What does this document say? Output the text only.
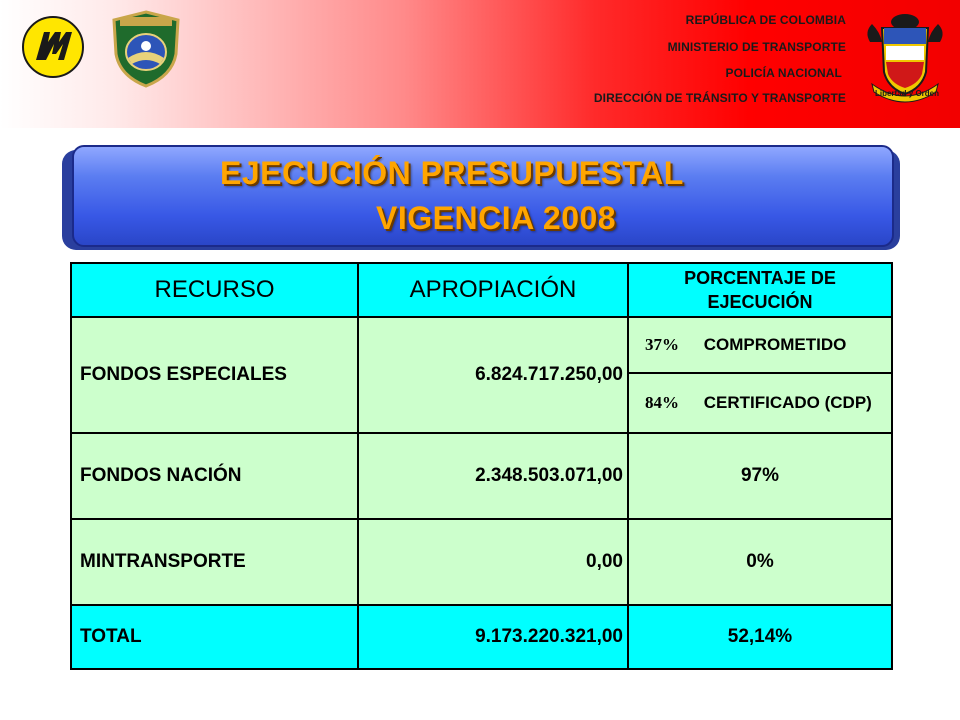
REPÚBLICA DE COLOMBIA
MINISTERIO DE TRANSPORTE
POLICÍA NACIONAL
DIRECCIÓN DE TRÁNSITO Y TRANSPORTE	Libertad y Orden
EJECUCIÓN PRESUPUESTAL
VIGENCIA 2008
RECURSO	APROPIACIÓN	PORCENTAJE DE
EJECUCIÓN

FONDOS ESPECIALES	6.824.717.250,00	37% COMPROMETIDO
		84% CERTIFICADO (CDP)
FONDOS NACIÓN	2.348.503.071,00	97%
MINTRANSPORTE	0,00	0%
TOTAL	9.173.220.321,00	52,14%
